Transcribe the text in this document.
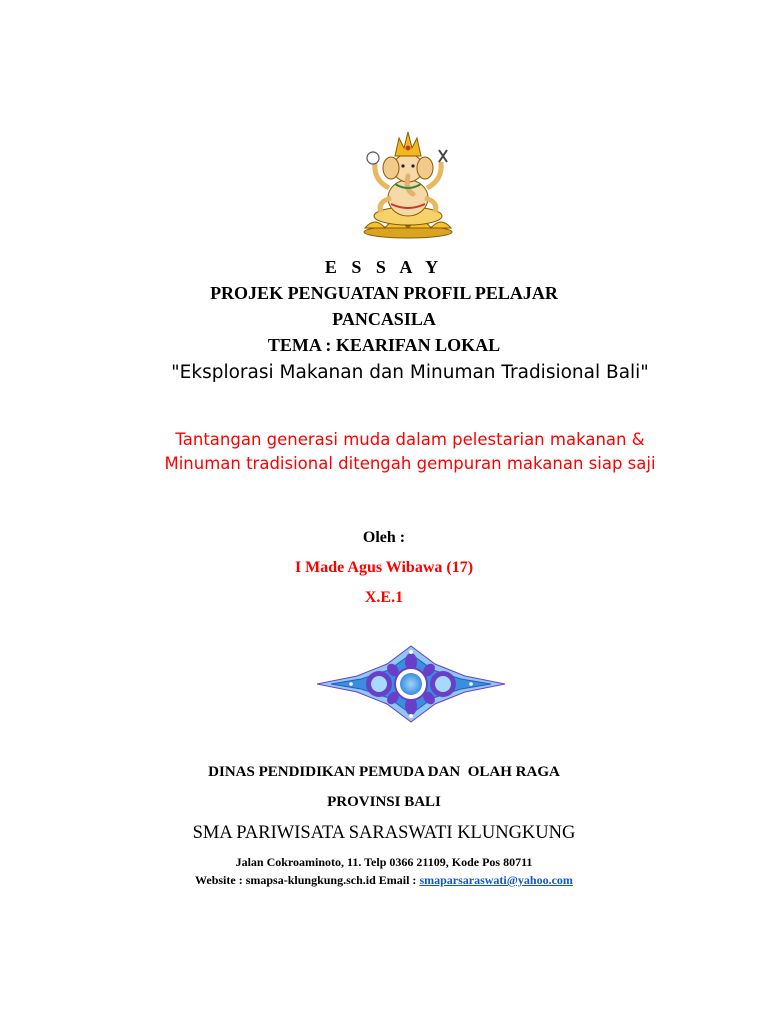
E S S A Y
PROJEK PENGUATAN PROFIL PELAJAR
PANCASILA
TEMA : KEARIFAN LOKAL
"Eksplorasi Makanan dan Minuman Tradisional Bali"
Tantangan generasi muda dalam pelestarian makanan & Minuman tradisional ditengah gempuran makanan siap saji
Oleh :
I Made Agus Wibawa (17)
X.E.1
DINAS PENDIDIKAN PEMUDA DAN  OLAH RAGA
PROVINSI BALI
SMA PARIWISATA SARASWATI KLUNGKUNG
Jalan Cokroaminoto, 11. Telp 0366 21109, Kode Pos 80711
Website : smapsa-klungkung.sch.id Email : smaparsaraswati@yahoo.com
